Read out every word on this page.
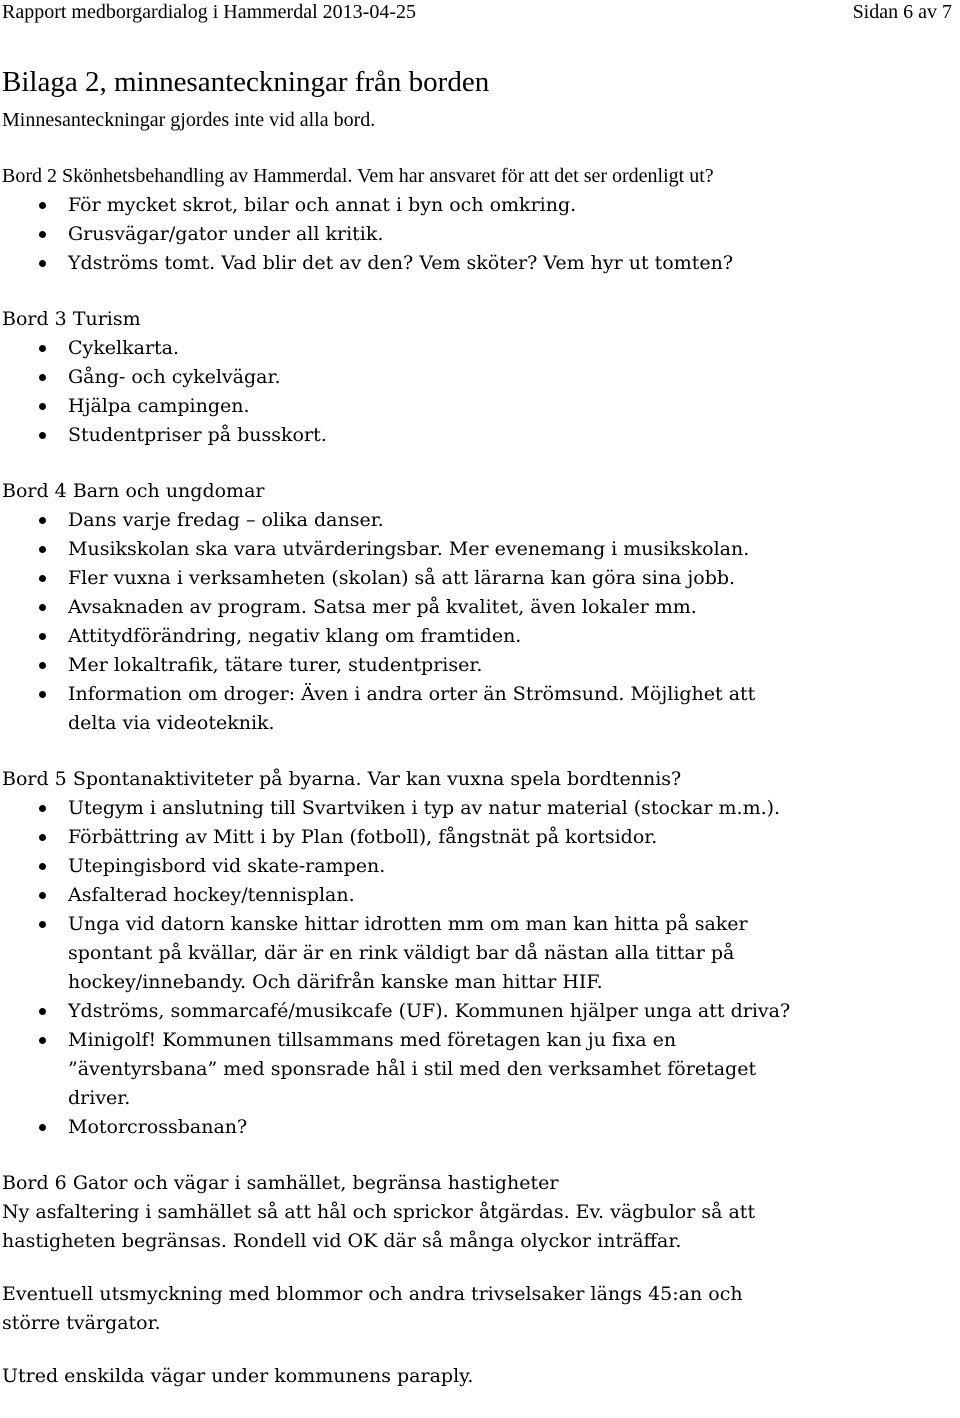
Rapport medborgardialog i Hammerdal 2013-04-25	Sidan 6 av 7
Bilaga 2, minnesanteckningar från borden

Minnesanteckningar gjordes inte vid alla bord.

Bord 2 Skönhetsbehandling av Hammerdal. Vem har ansvaret för att det ser ordenligt ut?

För mycket skrot, bilar och annat i byn och omkring.
Grusvägar/gator under all kritik.
Ydströms tomt. Vad blir det av den? Vem sköter? Vem hyr ut tomten?

Bord 3 Turism

Cykelkarta.
Gång- och cykelvägar.
Hjälpa campingen.
Studentpriser på busskort.

Bord 4 Barn och ungdomar

Dans varje fredag – olika danser.
Musikskolan ska vara utvärderingsbar. Mer evenemang i musikskolan.
Fler vuxna i verksamheten (skolan) så att lärarna kan göra sina jobb.
Avsaknaden av program. Satsa mer på kvalitet, även lokaler mm.
Attitydförändring, negativ klang om framtiden.
Mer lokaltrafik, tätare turer, studentpriser.
Information om droger: Även i andra orter än Strömsund. Möjlighet att delta via videoteknik.

Bord 5 Spontanaktiviteter på byarna. Var kan vuxna spela bordtennis?

Utegym i anslutning till Svartviken i typ av natur material (stockar m.m.).
Förbättring av Mitt i by Plan (fotboll), fångstnät på kortsidor.
Utepingisbord vid skate-rampen.
Asfalterad hockey/tennisplan.
Unga vid datorn kanske hittar idrotten mm om man kan hitta på saker spontant på kvällar, där är en rink väldigt bar då nästan alla tittar på hockey/innebandy. Och därifrån kanske man hittar HIF.
Ydströms, sommarcafé/musikcafe (UF). Kommunen hjälper unga att driva?
Minigolf! Kommunen tillsammans med företagen kan ju fixa en ”äventyrsbana” med sponsrade hål i stil med den verksamhet företaget driver.
Motorcrossbanan?

Bord 6 Gator och vägar i samhället, begränsa hastigheter

Ny asfaltering i samhället så att hål och sprickor åtgärdas. Ev. vägbulor så att hastigheten begränsas. Rondell vid OK där så många olyckor inträffar.

Eventuell utsmyckning med blommor och andra trivselsaker längs 45:an och större tvärgator.

Utred enskilda vägar under kommunens paraply.
